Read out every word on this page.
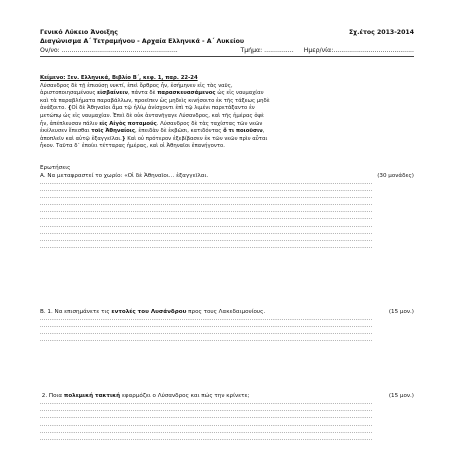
Γενικό Λύκειο Άνοιξης	Σχ.έτος 2013-2014
Διαγώνισμα Α΄ Τετραμήνου - Αρχαία Ελληνικά - Α΄ Λυκείου
Ον/νο: ...........................................................	Τμήμα: ............... Ημερ/νία:.........................................
Κείμενο: Ξεν. Ελληνικά, Βιβλίο Β΄, κεφ. 1, παρ. 22-24

Λύσανδρος δὲ τῇ ἐπιούσῃ νυκτί, ἐπεὶ ὄρθρος ἦν, ἐσήμηνεν εἰς τὰς ναῦς,

ἀριστοποιησαμένους εἰσβαίνειν, πάντα δὲ παρασκευασάμενος ὡς εἰς ναυμαχίαν

καὶ τὰ παραβλήματα παραβάλλων, προεῖπεν ὡς μηδεὶς κινήσοιτο ἐκ τῆς τάξεως μηδὲ

ἀνάξοιτο. {Οἱ δὲ Ἀθηναῖοι ἅμα τῷ ἡλίῳ ἀνίσχοντι ἐπὶ τῷ λιμένι παρετάξαντο ἐν

μετώπῳ ὡς εἰς ναυμαχίαν. Ἐπεὶ δὲ οὐκ ἀντανῆγαγε Λύσανδρος, καὶ τῆς ἡμέρας ὀψὲ

ἦν, ἀπέπλευσαν πάλιν εἰς Αἰγὸς ποταμούς. Λύσανδρος δὲ τὰς ταχίστας τῶν νεῶν

ἐκέλευσεν ἕπεσθαι τοῖς Ἀθηναίοις, ἐπειδὰν δὲ ἐκβῶσι, κατιδόντας ὅ τι ποιοῦσιν,

ἀποπλεῖν καὶ αὐτῷ ἐξαγγεῖλαι.} Καὶ οὐ πρότερον ἐξεβίβασεν ἐκ τῶν νεῶν πρὶν αὗται

ἧκον. Ταῦτα δ᾽ ἐποίει τέτταρας ἡμέρας, καὶ οἱ Ἀθηναῖοι ἐπανήγοντο.

Ερωτήσεις
Α. Να μεταφραστεί το χωρίο: «Οἱ δὲ Ἀθηναῖοι… ἐξαγγεῖλαι.	(30 μονάδες)
................................................................................................................................................................................
................................................................................................................................................................................
................................................................................................................................................................................
................................................................................................................................................................................
................................................................................................................................................................................
................................................................................................................................................................................
................................................................................................................................................................................
................................................................................................................................................................................
................................................................................................................................................................................
................................................................................................................................................................................
Β. 1. Να επισημάνετε τις εντολές του Λυσάνδρου προς τους Λακεδαιμονίους.	(15 μον.)
................................................................................................................................................................................
................................................................................................................................................................................
................................................................................................................................................................................
................................................................................................................................................................................
2. Ποια πολεμική τακτική εφαρμόζει ο Λύσανδρος και πώς την κρίνετε;	(15 μον.)
................................................................................................................................................................................
................................................................................................................................................................................
................................................................................................................................................................................
................................................................................................................................................................................
................................................................................................................................................................................
................................................................................................................................................................................
